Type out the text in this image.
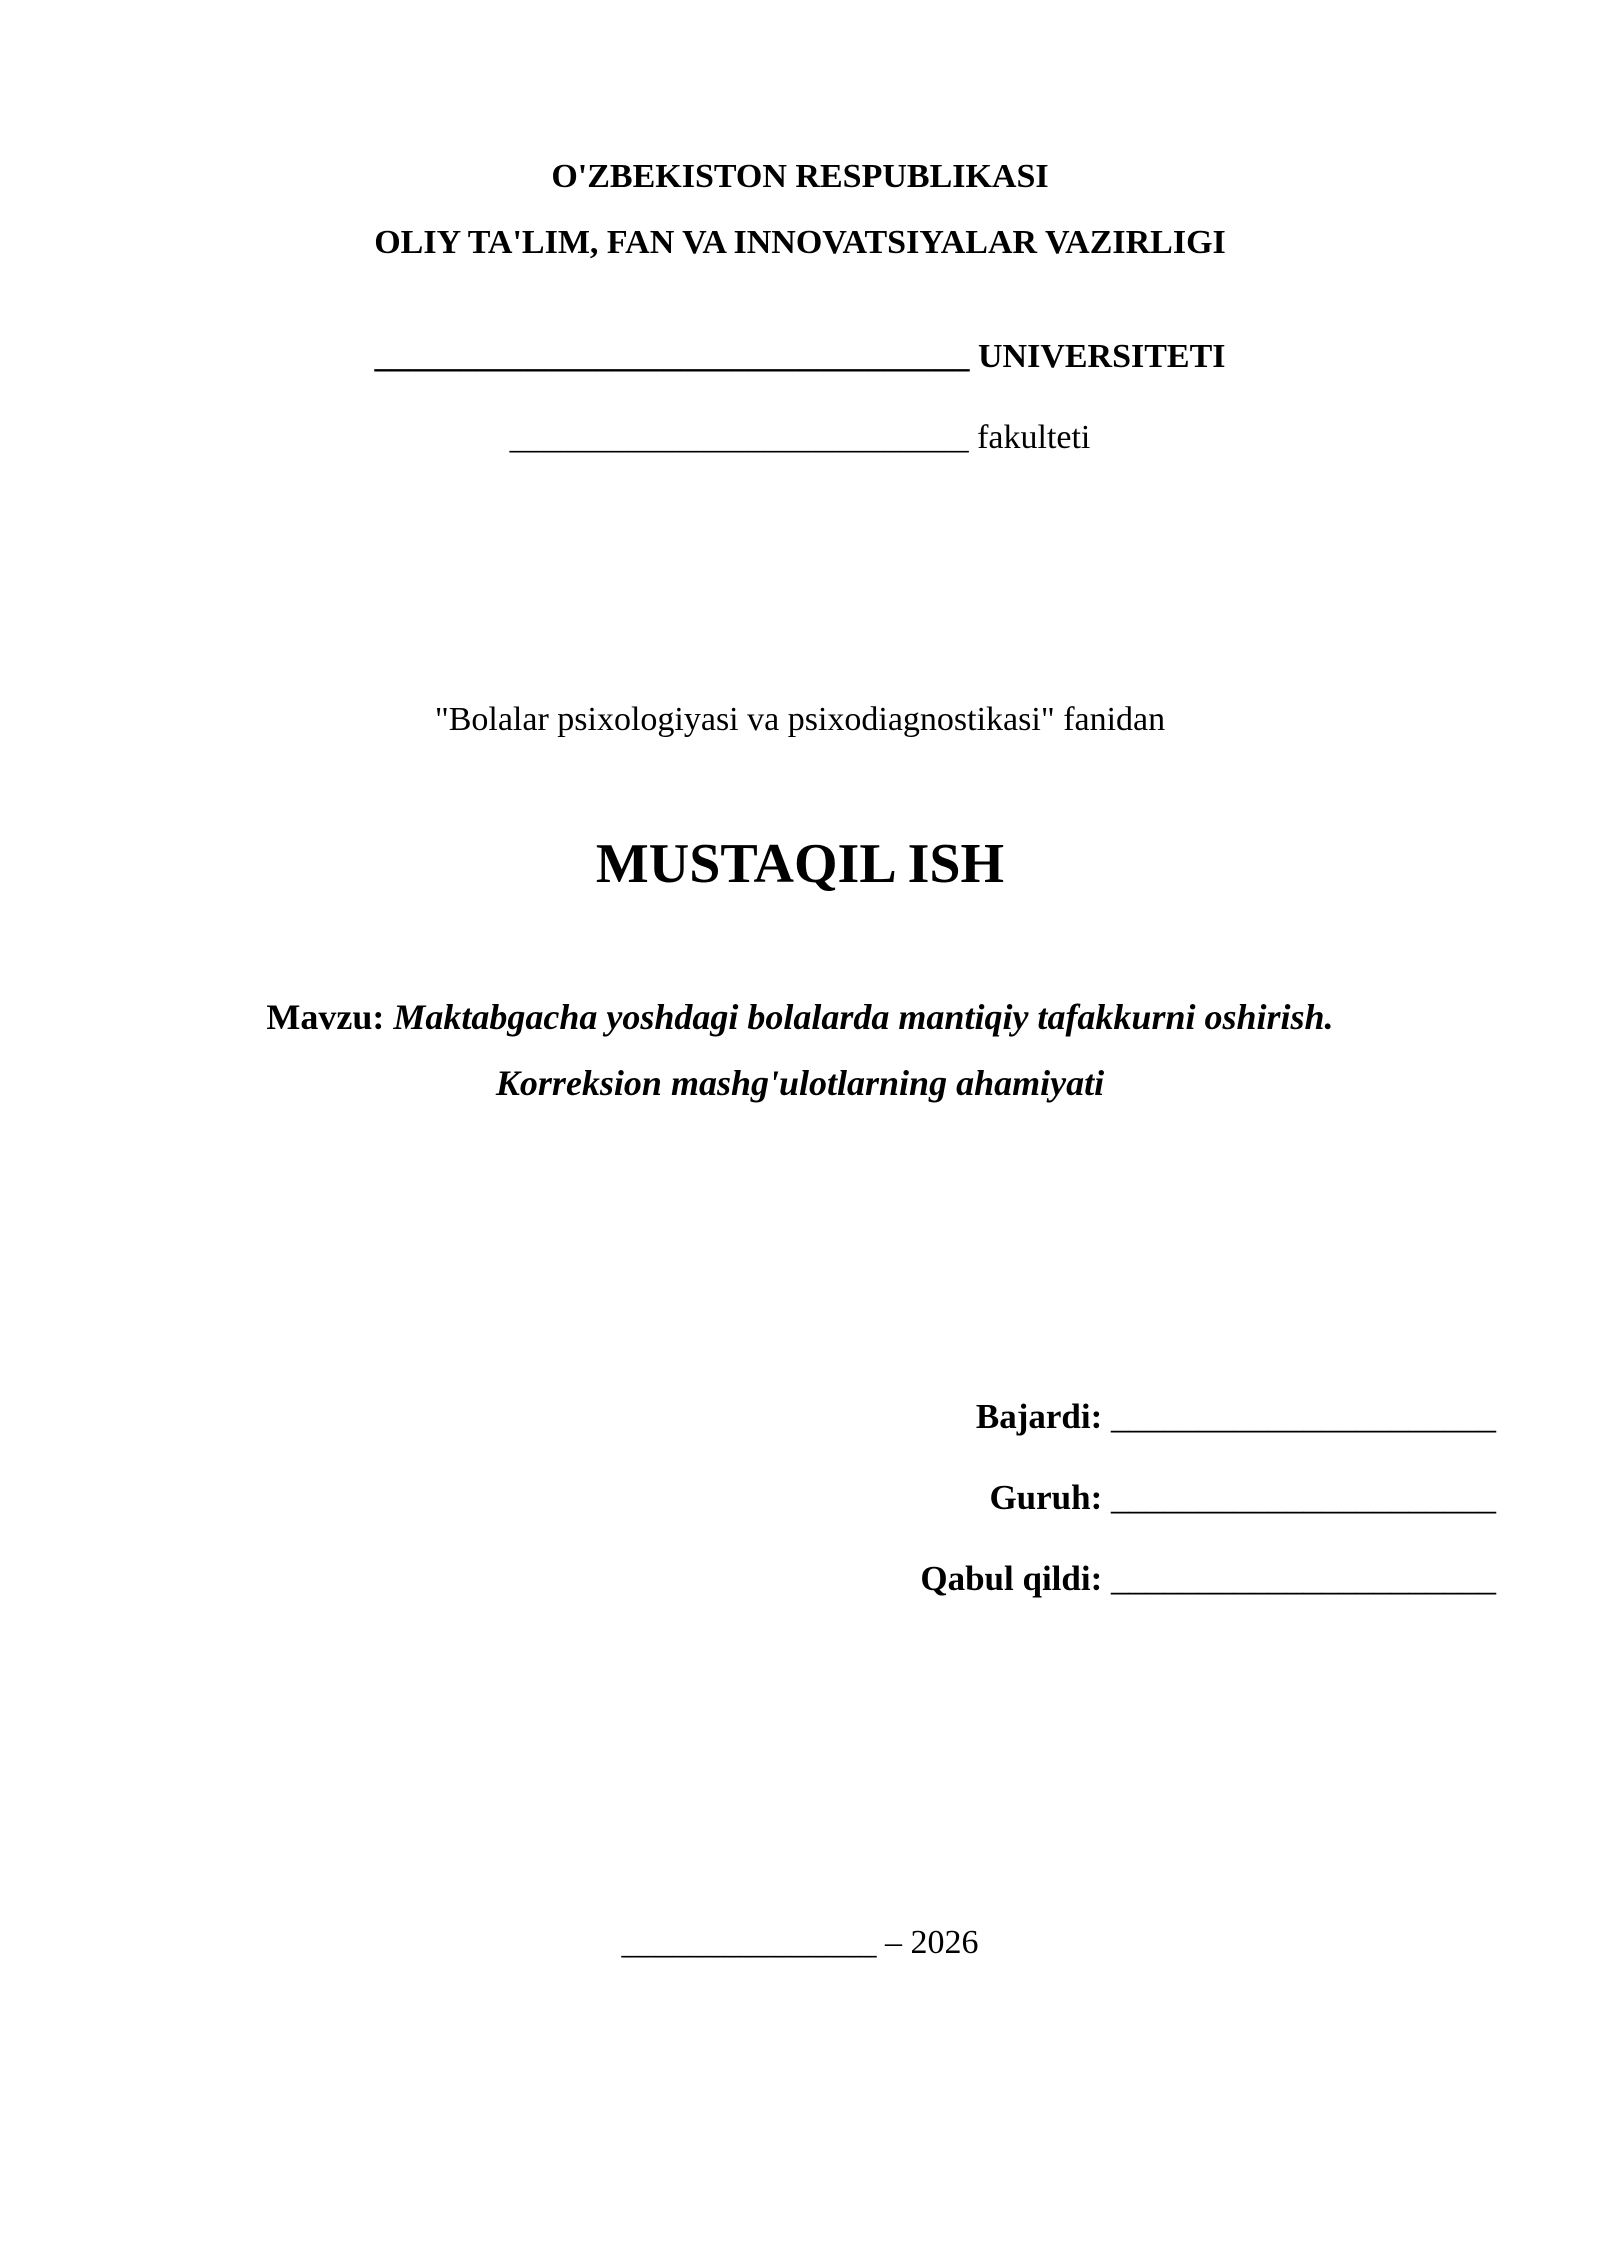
O'ZBEKISTON RESPUBLIKASI
OLIY TA'LIM, FAN VA INNOVATSIYALAR VAZIRLIGI
___________________________________ UNIVERSITETI
___________________________ fakulteti
"Bolalar psixologiyasi va psixodiagnostikasi" fanidan
MUSTAQIL ISH
Mavzu: Maktabgacha yoshdagi bolalarda mantiqiy tafakkurni oshirish.
Korreksion mashg'ulotlarning ahamiyati
Bajardi: ______________________
Guruh: ______________________
Qabul qildi: ______________________
_______________ – 2026
